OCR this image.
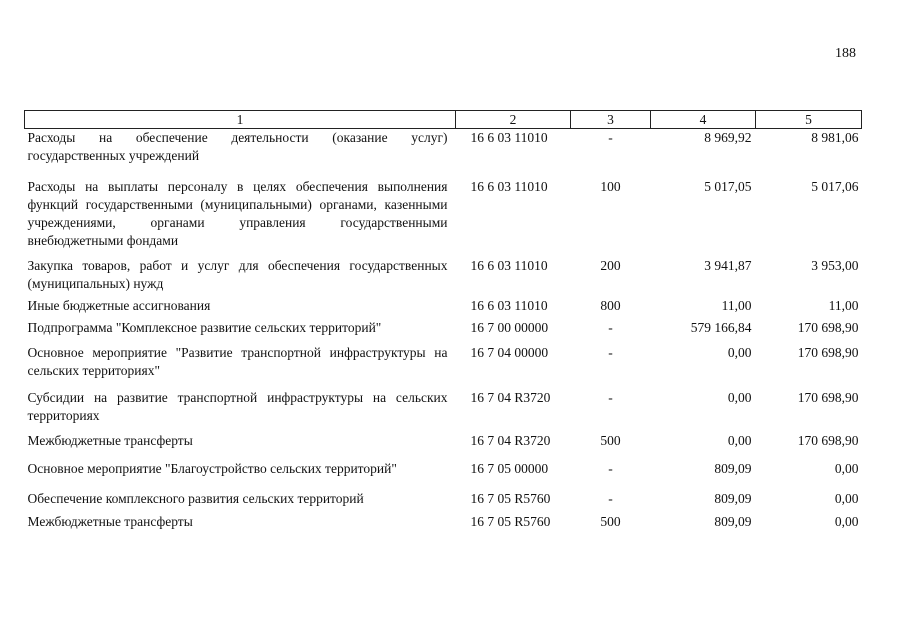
188
1	2	3	4	5
Расходы на обеспечение деятельности (оказание услуг) государственных учреждений	16 6 03 11010	-	8 969,92	8 981,06
Расходы на выплаты персоналу в целях обеспечения выполнения функций государственными (муниципальными) органами, казенными учреждениями, органами управления государственными внебюджетными фондами	16 6 03 11010	100	5 017,05	5 017,06
Закупка товаров, работ и услуг для обеспечения государственных (муниципальных) нужд	16 6 03 11010	200	3 941,87	3 953,00
Иные бюджетные ассигнования	16 6 03 11010	800	11,00	11,00
Подпрограмма "Комплексное развитие сельских территорий"	16 7 00 00000	-	579 166,84	170 698,90
Основное мероприятие "Развитие транспортной инфраструктуры на сельских территориях"	16 7 04 00000	-	0,00	170 698,90
Субсидии на развитие транспортной инфраструктуры на сельских территориях	16 7 04 R3720	-	0,00	170 698,90
Межбюджетные трансферты	16 7 04 R3720	500	0,00	170 698,90
Основное мероприятие "Благоустройство сельских территорий"	16 7 05 00000	-	809,09	0,00
Обеспечение комплексного развития сельских территорий	16 7 05 R5760	-	809,09	0,00
Межбюджетные трансферты	16 7 05 R5760	500	809,09	0,00
